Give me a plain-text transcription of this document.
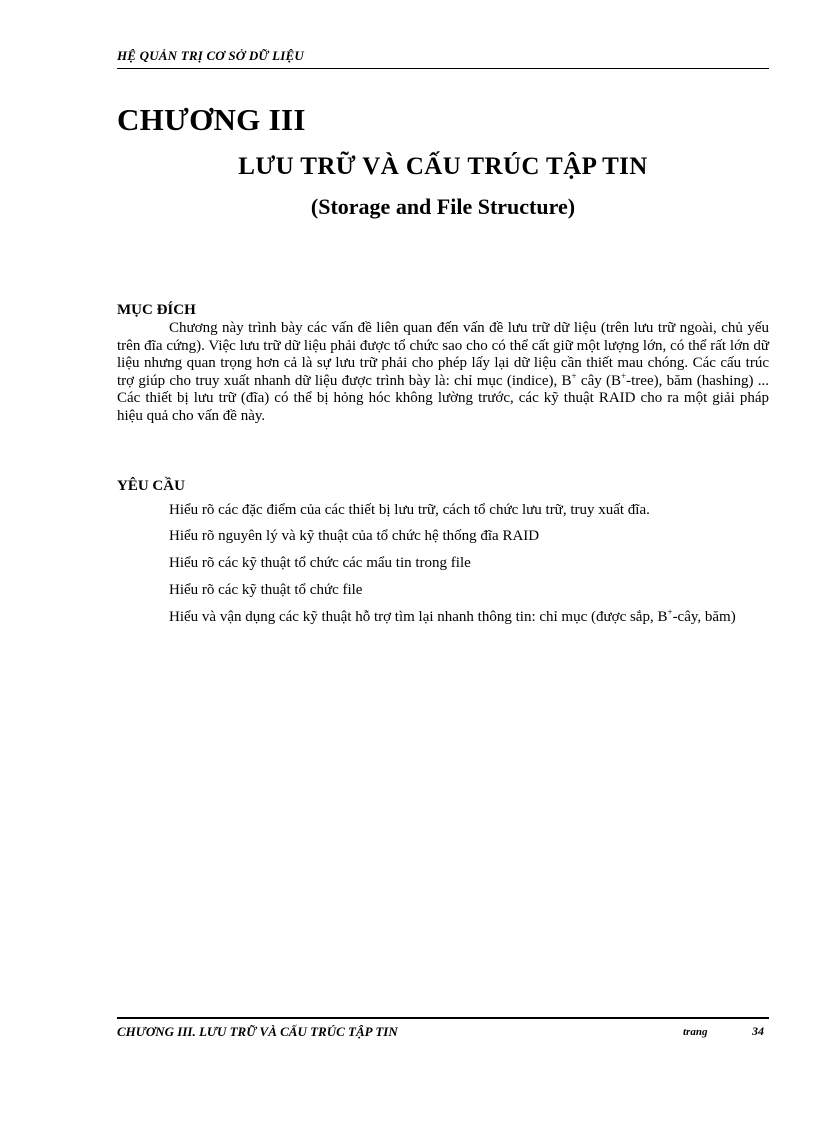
HỆ QUẢN TRỊ CƠ SỞ DỮ LIỆU
CHƯƠNG III
LƯU TRỮ VÀ CẤU TRÚC TẬP TIN
(Storage and File Structure)
MỤC ĐÍCH
Chương này trình bày các vấn đề liên quan đến vấn đề lưu trữ dữ liệu (trên lưu trữ ngoài, chủ yếu trên đĩa cứng). Việc lưu trữ dữ liệu phải được tổ chức sao cho có thể cất giữ một lượng lớn, có thể rất lớn dữ liệu nhưng quan trọng hơn cả là sự lưu trữ phải cho phép lấy lại dữ liệu cần thiết mau chóng. Các cấu trúc trợ giúp cho truy xuất nhanh dữ liệu được trình bày là: chỉ mục (indice), B+ cây (B+-tree), băm (hashing) ... Các thiết bị lưu trữ (đĩa) có thể bị hỏng hóc không lường trước, các kỹ thuật RAID cho ra một giải pháp hiệu quả cho vấn đề này.
YÊU CẦU
Hiểu rõ các đặc điểm của các thiết bị lưu trữ, cách tổ chức lưu trữ, truy xuất đĩa.
Hiểu rõ nguyên lý và kỹ thuật của tổ chức hệ thống đĩa RAID
Hiểu rõ các kỹ thuật tổ chức các mẩu tin trong file
Hiểu rõ các kỹ thuật tổ chức file
Hiểu và vận dụng các kỹ thuật hỗ trợ tìm lại nhanh thông tin: chỉ mục (được sắp, B+-cây, băm)
CHƯƠNG III. LƯU TRỮ VÀ CẤU TRÚC TẬP TIN	trang	34
